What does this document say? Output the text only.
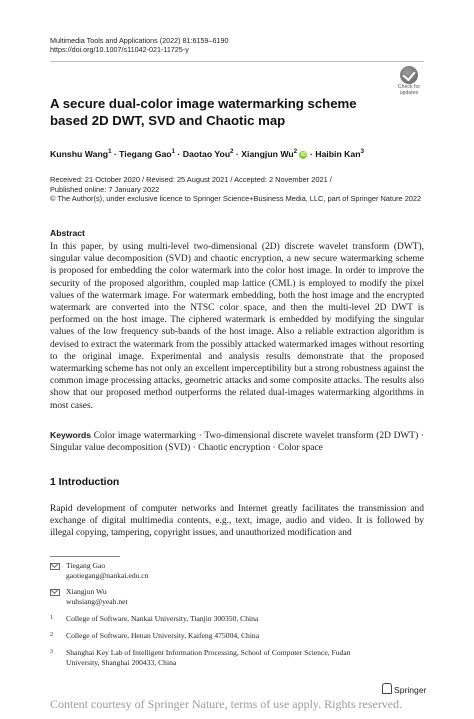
Multimedia Tools and Applications (2022) 81:6159–6190
https://doi.org/10.1007/s11042-021-11725-y
Check for
updates
A secure dual-color image watermarking scheme based 2D DWT, SVD and Chaotic map
Kunshu Wang$^1$ · Tiegang Gao$^1$ · Daotao You$^2$ · Xiangjun Wu$^2$ iD · Haibin Kan$^3$
Received: 21 October 2020 / Revised: 25 August 2021 / Accepted: 2 November 2021 /
Published online: 7 January 2022
© The Author(s), under exclusive licence to Springer Science+Business Media, LLC, part of Springer Nature 2022
Abstract
In this paper, by using multi-level two-dimensional (2D) discrete wavelet transform (DWT), singular value decomposition (SVD) and chaotic encryption, a new secure watermarking scheme is proposed for embedding the color watermark into the color host image. In order to improve the security of the proposed algorithm, coupled map lattice (CML) is employed to modify the pixel values of the watermark image. For watermark embedding, both the host image and the encrypted watermark are converted into the NTSC color space, and then the multi-level 2D DWT is performed on the host image. The ciphered watermark is embedded by modifying the singular values of the low frequency sub-bands of the host image. Also a reliable extraction algorithm is devised to extract the watermark from the possibly attacked watermarked images without resorting to the original image. Experimental and analysis results demonstrate that the proposed watermarking scheme has not only an excellent imperceptibility but a strong robustness against the common image processing attacks, geometric attacks and some composite attacks. The results also show that our proposed method outperforms the related dual-images watermarking algorithms in most cases.
Keywords Color image watermarking · Two-dimensional discrete wavelet transform (2D DWT) · Singular value decomposition (SVD) · Chaotic encryption · Color space
1 Introduction
Rapid development of computer networks and Internet greatly facilitates the transmission and exchange of digital multimedia contents, e.g., text, image, audio and video. It is followed by illegal copying, tampering, copyright issues, and unauthorized modification and
Tiegang Gao
gaotiegang@nankai.edu.cn
Xiangjun Wu
wuhsiang@yeah.net
1 College of Software, Nankai University, Tianjin 300350, China
2 College of Software, Henan University, Kaifeng 475004, China
3 Shanghai Key Lab of Intelligent Information Processing, School of Computer Science, Fudan
University, Shanghai 200433, China
Springer
Content courtesy of Springer Nature, terms of use apply. Rights reserved.
